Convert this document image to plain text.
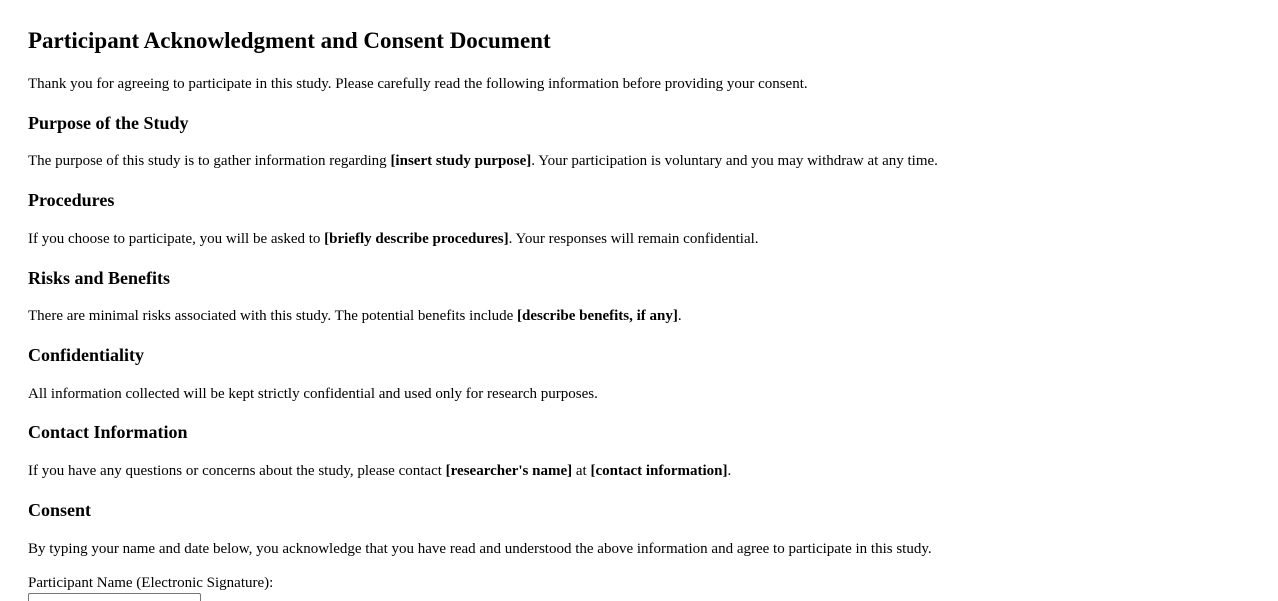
Participant Acknowledgment and Consent Document

Thank you for agreeing to participate in this study. Please carefully read the following information before providing your consent.

Purpose of the Study

The purpose of this study is to gather information regarding [insert study purpose]. Your participation is voluntary and you may withdraw at any time.

Procedures

If you choose to participate, you will be asked to [briefly describe procedures]. Your responses will remain confidential.

Risks and Benefits

There are minimal risks associated with this study. The potential benefits include [describe benefits, if any].

Confidentiality

All information collected will be kept strictly confidential and used only for research purposes.

Contact Information

If you have any questions or concerns about the study, please contact [researcher's name] at [contact information].

Consent

By typing your name and date below, you acknowledge that you have read and understood the above information and agree to participate in this study.

Participant Name (Electronic Signature):
